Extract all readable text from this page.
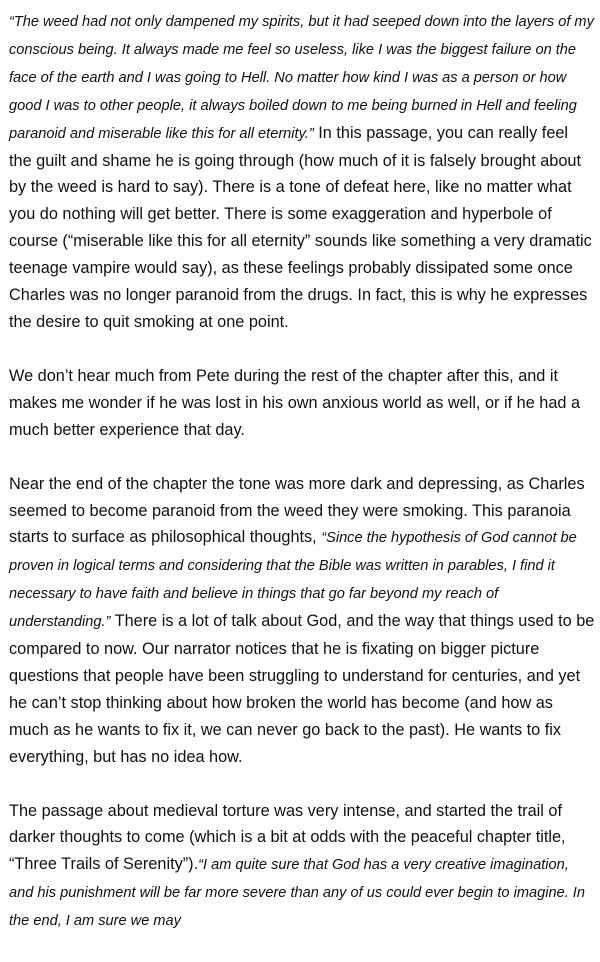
“The weed had not only dampened my spirits, but it had seeped down into the layers of my conscious being. It always made me feel so useless, like I was the biggest failure on the face of the earth and I was going to Hell. No matter how kind I was as a person or how good I was to other people, it always boiled down to me being burned in Hell and feeling paranoid and miserable like this for all eternity.” In this passage, you can really feel the guilt and shame he is going through (how much of it is falsely brought about by the weed is hard to say). There is a tone of defeat here, like no matter what you do nothing will get better. There is some exaggeration and hyperbole of course (“miserable like this for all eternity” sounds like something a very dramatic teenage vampire would say), as these feelings probably dissipated some once Charles was no longer paranoid from the drugs. In fact, this is why he expresses the desire to quit smoking at one point.

We don’t hear much from Pete during the rest of the chapter after this, and it makes me wonder if he was lost in his own anxious world as well, or if he had a much better experience that day.

Near the end of the chapter the tone was more dark and depressing, as Charles seemed to become paranoid from the weed they were smoking. This paranoia starts to surface as philosophical thoughts, “Since the hypothesis of God cannot be proven in logical terms and considering that the Bible was written in parables, I find it necessary to have faith and believe in things that go far beyond my reach of understanding.” There is a lot of talk about God, and the way that things used to be compared to now. Our narrator notices that he is fixating on bigger picture questions that people have been struggling to understand for centuries, and yet he can’t stop thinking about how broken the world has become (and how as much as he wants to fix it, we can never go back to the past). He wants to fix everything, but has no idea how.

The passage about medieval torture was very intense, and started the trail of darker thoughts to come (which is a bit at odds with the peaceful chapter title, “Three Trails of Serenity”).“I am quite sure that God has a very creative imagination, and his punishment will be far more severe than any of us could ever begin to imagine. In the end, I am sure we may
